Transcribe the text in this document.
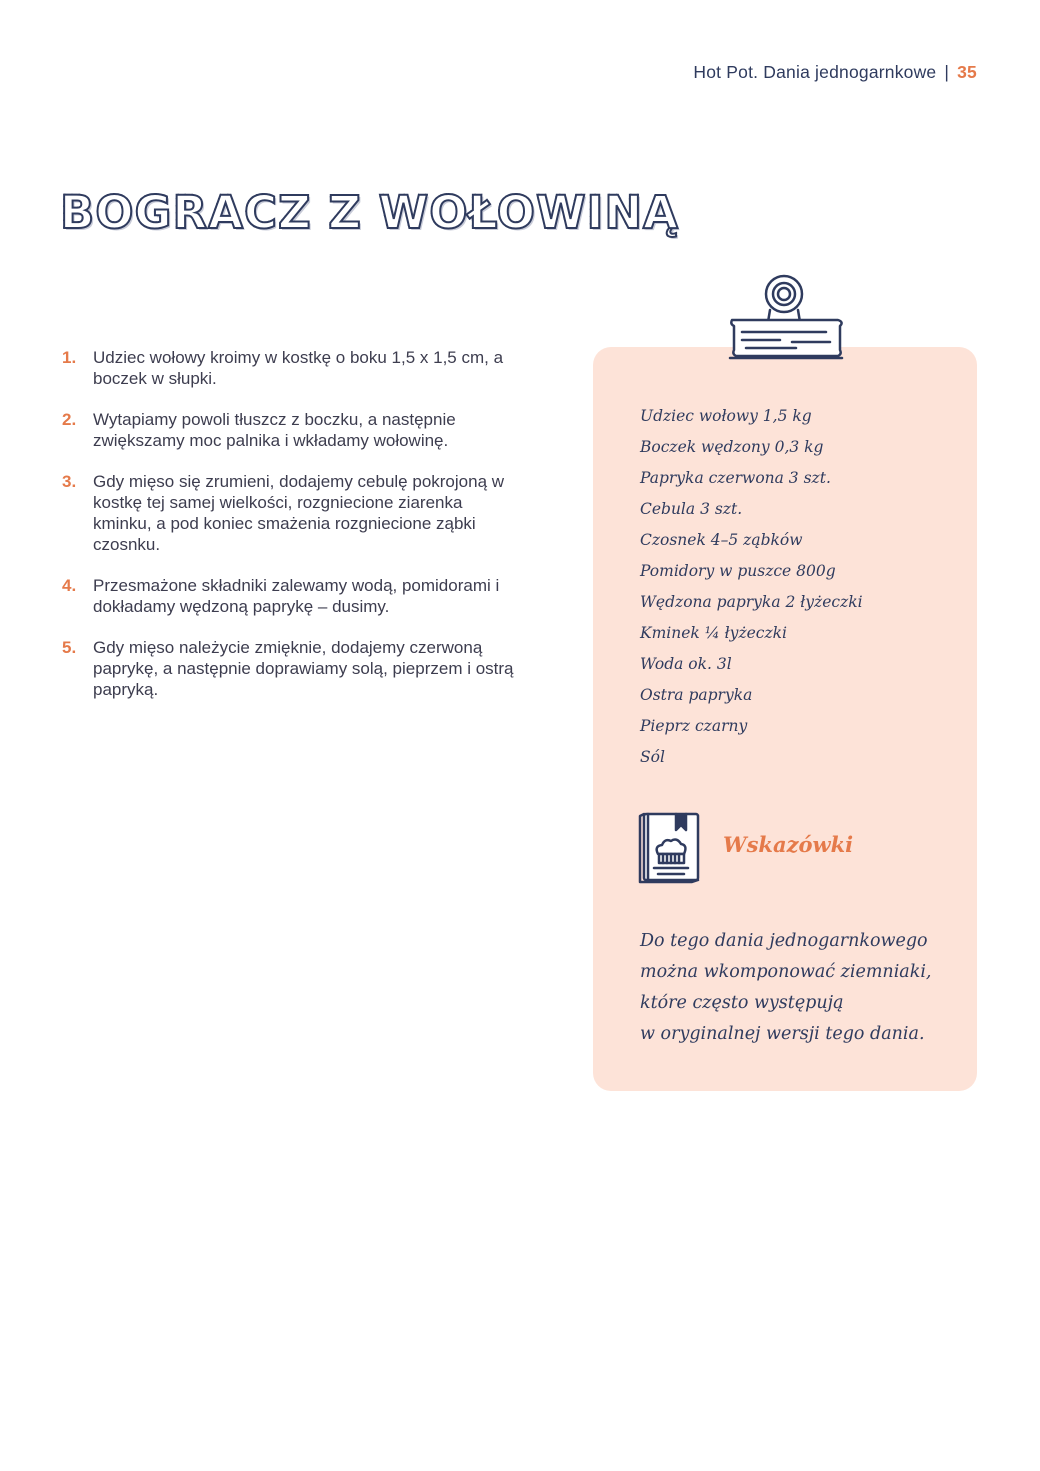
Hot Pot. Dania jednogarnkowe | 35
BOGRACZ Z WOŁOWINĄ
1. Udziec wołowy kroimy w kostkę o boku 1,5 x 1,5 cm, a boczek w słupki.
2. Wytapiamy powoli tłuszcz z boczku, a następnie zwiększamy moc palnika i wkładamy wołowinę.
3. Gdy mięso się zrumieni, dodajemy cebulę pokrojoną w kostkę tej samej wielkości, rozgniecione ziarenka kminku, a pod koniec smażenia rozgniecione ząbki czosnku.
4. Przesmażone składniki zalewamy wodą, pomidorami i dokładamy wędzoną paprykę – dusimy.
5. Gdy mięso należycie zmięknie, dodajemy czerwoną paprykę, a następnie doprawiamy solą, pieprzem i ostrą papryką.
Udziec wołowy 1,5 kg
Boczek wędzony 0,3 kg
Papryka czerwona 3 szt.
Cebula 3 szt.
Czosnek 4–5 ząbków
Pomidory w puszce 800g
Wędzona papryka 2 łyżeczki
Kminek ¼ łyżeczki
Woda ok. 3l
Ostra papryka
Pieprz czarny
Sól
Wskazówki
Do tego dania jednogarnkowego
można wkomponować ziemniaki,
które często występują
w oryginalnej wersji tego dania.
